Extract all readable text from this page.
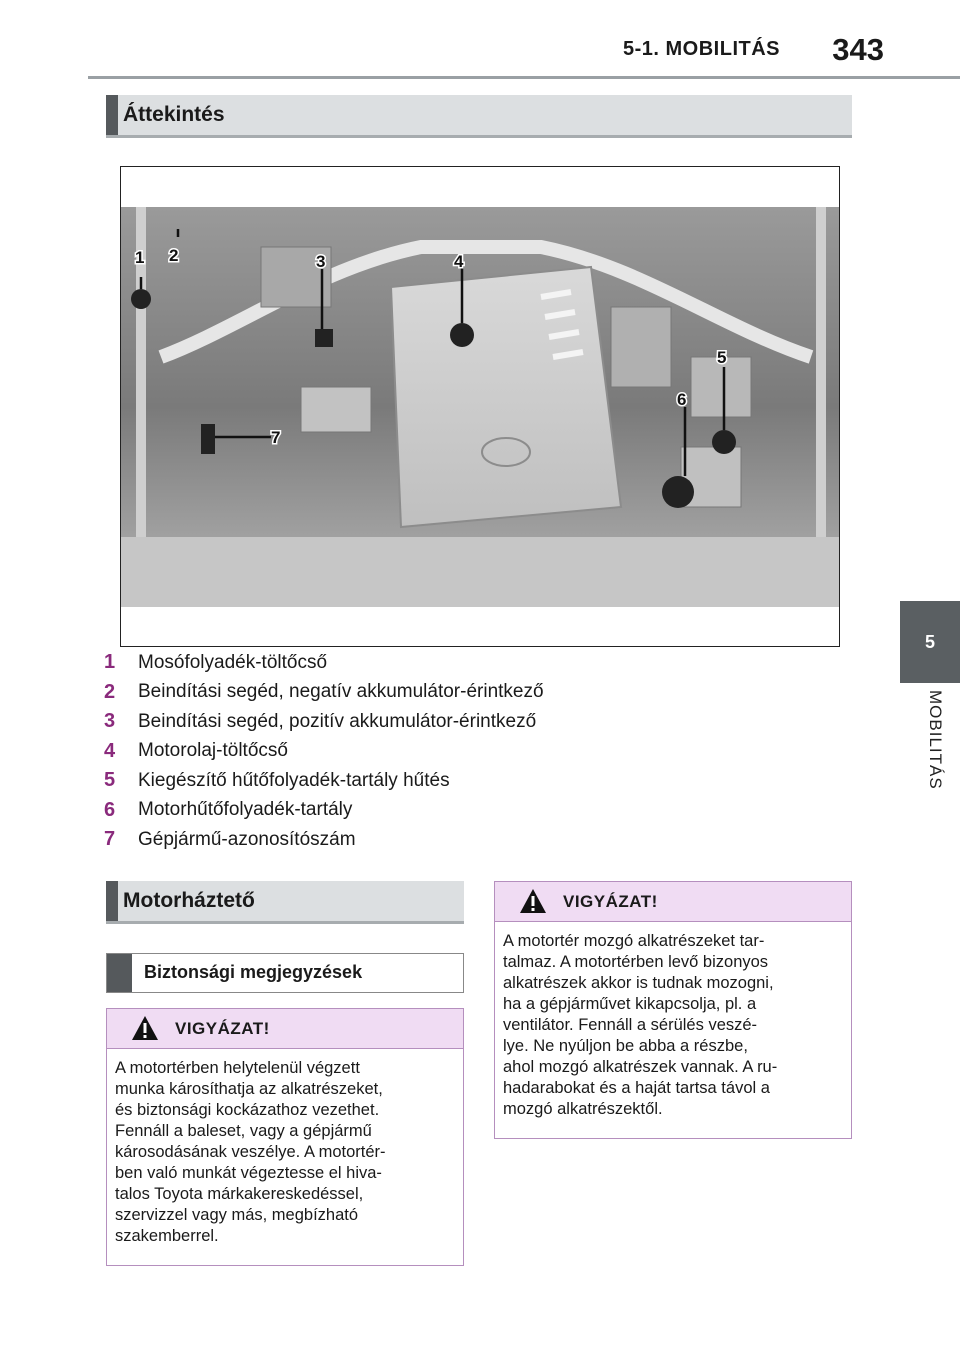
5-1. MOBILITÁS 343
5
MOBILITÁS
Áttekintés
1 2	3	4
5
6
7
1	Mosófolyadék-töltőcső
2	Beindítási segéd, negatív akkumulátor-érintkező
3	Beindítási segéd, pozitív akkumulátor-érintkező
4	Motorolaj-töltőcső
5	Kiegészítő hűtőfolyadék-tartály hűtés
6	Motorhűtőfolyadék-tartály
7	Gépjármű-azonosítószám
Motorháztető
Biztonsági megjegyzések
VIGYÁZAT!
A motortérben helytelenül végzett
munka károsíthatja az alkatrészeket,
és biztonsági kockázathoz vezethet.
Fennáll a baleset, vagy a gépjármű
károsodásának veszélye. A motortér-
ben való munkát végeztesse el hiva-
talos Toyota márkakereskedéssel,
szervizzel vagy más, megbízható
szakemberrel.
VIGYÁZAT!
A motortér mozgó alkatrészeket tar-
talmaz. A motortérben levő bizonyos
alkatrészek akkor is tudnak mozogni,
ha a gépjárművet kikapcsolja, pl. a
ventilátor. Fennáll a sérülés veszé-
lye. Ne nyúljon be abba a részbe,
ahol mozgó alkatrészek vannak. A ru-
hadarabokat és a haját tartsa távol a
mozgó alkatrészektől.
